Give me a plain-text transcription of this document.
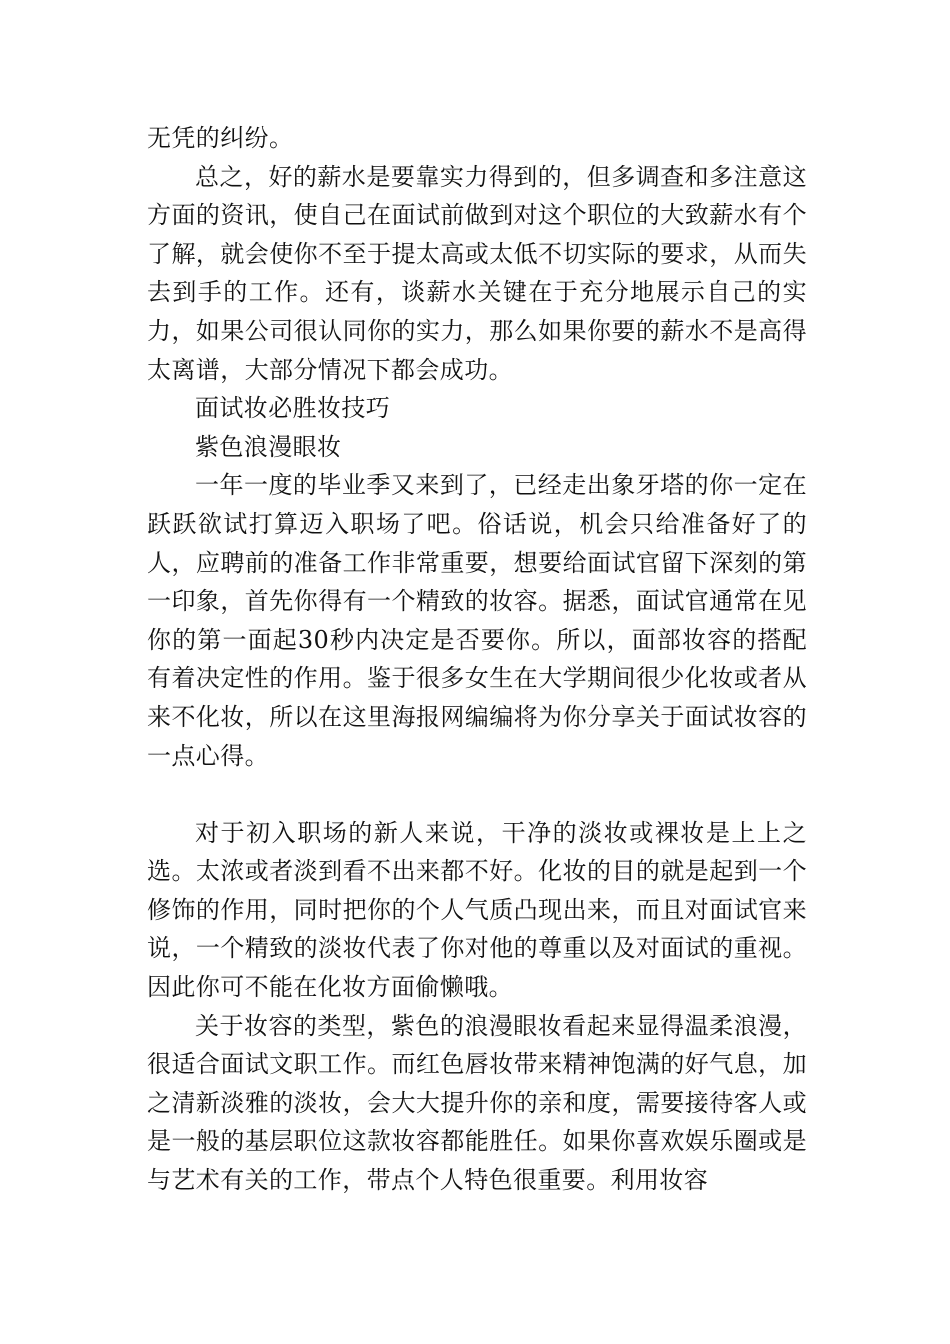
无凭的纠纷。

总之，好的薪水是要靠实力得到的，但多调查和多注意这方面的资讯，使自己在面试前做到对这个职位的大致薪水有个了解，就会使你不至于提太高或太低不切实际的要求，从而失去到手的工作。还有，谈薪水关键在于充分地展示自己的实力，如果公司很认同你的实力，那么如果你要的薪水不是高得太离谱，大部分情况下都会成功。

面试妆必胜妆技巧

紫色浪漫眼妆

一年一度的毕业季又来到了，已经走出象牙塔的你一定在跃跃欲试打算迈入职场了吧。俗话说，机会只给准备好了的人，应聘前的准备工作非常重要，想要给面试官留下深刻的第一印象，首先你得有一个精致的妆容。据悉，面试官通常在见你的第一面起30秒内决定是否要你。所以，面部妆容的搭配有着决定性的作用。鉴于很多女生在大学期间很少化妆或者从来不化妆，所以在这里海报网编编将为你分享关于面试妆容的一点心得。

对于初入职场的新人来说，干净的淡妆或裸妆是上上之选。太浓或者淡到看不出来都不好。化妆的目的就是起到一个修饰的作用，同时把你的个人气质凸现出来，而且对面试官来说，一个精致的淡妆代表了你对他的尊重以及对面试的重视。因此你可不能在化妆方面偷懒哦。

关于妆容的类型，紫色的浪漫眼妆看起来显得温柔浪漫，很适合面试文职工作。而红色唇妆带来精神饱满的好气息，加之清新淡雅的淡妆，会大大提升你的亲和度，需要接待客人或是一般的基层职位这款妆容都能胜任。如果你喜欢娱乐圈或是与艺术有关的工作，带点个人特色很重要。利用妆容
